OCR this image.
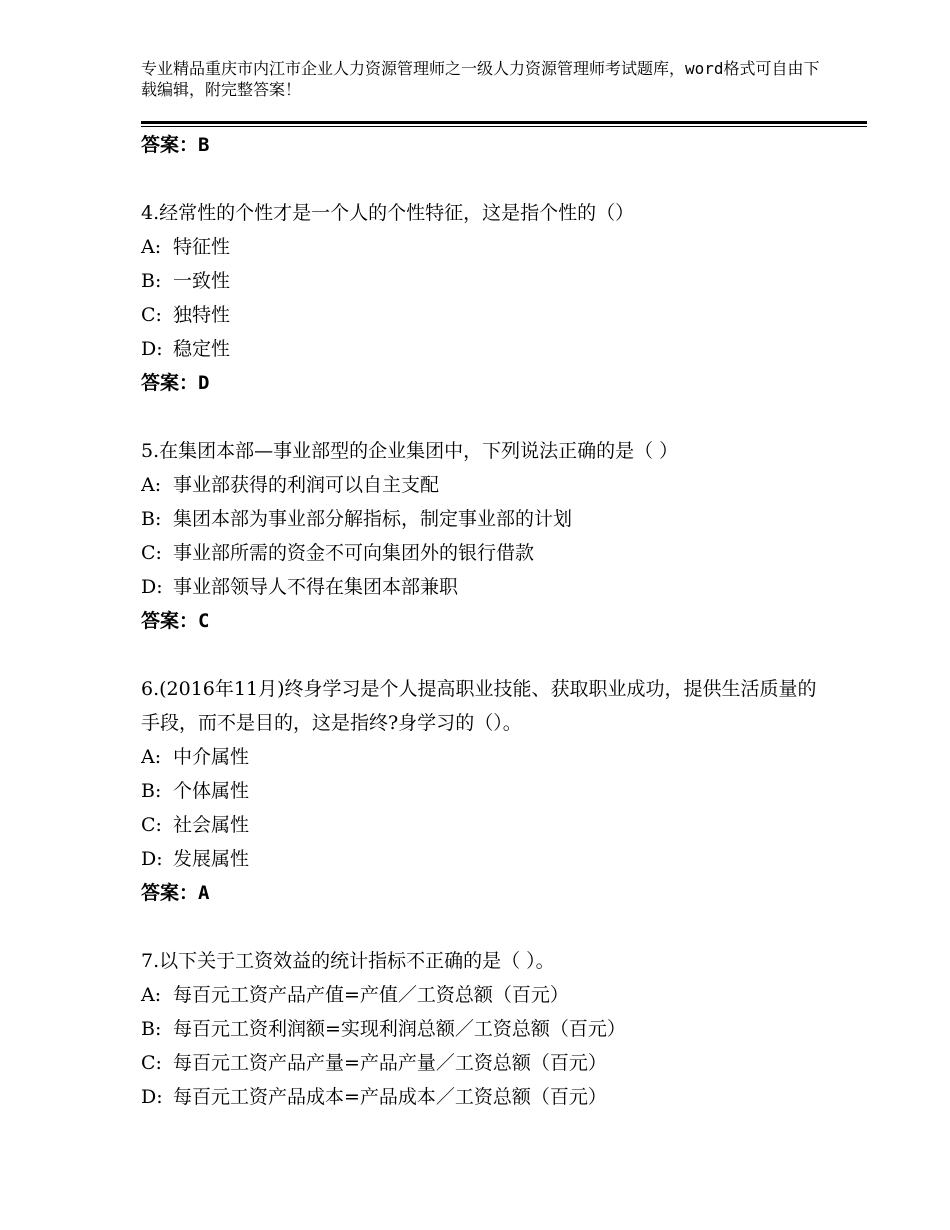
专业精品重庆市内江市企业人力资源管理师之一级人力资源管理师考试题库，word格式可自由下载编辑，附完整答案！
答案：B
4.经常性的个性才是一个人的个性特征，这是指个性的（）
A: 特征性
B: 一致性
C: 独特性
D: 稳定性
答案：D
5.在集团本部—事业部型的企业集团中，下列说法正确的是（ ）
A: 事业部获得的利润可以自主支配
B: 集团本部为事业部分解指标，制定事业部的计划
C: 事业部所需的资金不可向集团外的银行借款
D: 事业部领导人不得在集团本部兼职
答案：C
6.(2016年11月)终身学习是个人提高职业技能、获取职业成功，提供生活质量的手段，而不是目的，这是指终?身学习的（）。
A: 中介属性
B: 个体属性
C: 社会属性
D: 发展属性
答案：A
7.以下关于工资效益的统计指标不正确的是（ ）。
A: 每百元工资产品产值=产值／工资总额（百元）
B: 每百元工资利润额=实现利润总额／工资总额（百元）
C: 每百元工资产品产量=产品产量／工资总额（百元）
D: 每百元工资产品成本=产品成本／工资总额（百元）
